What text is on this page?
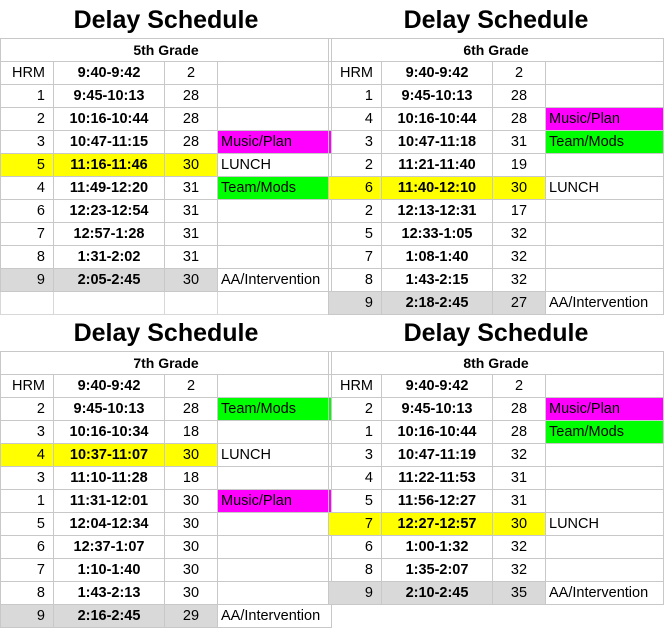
Delay Schedule
5th Grade			
HRM	9:40-9:42	2	
1	9:45-10:13	28	
2	10:16-10:44	28	
3	10:47-11:15	28	Music/Plan
5	11:16-11:46	30	LUNCH
4	11:49-12:20	31	Team/Mods
6	12:23-12:54	31	
7	12:57-1:28	31	
8	1:31-2:02	31	
9	2:05-2:45	30	AA/Intervention

Delay Schedule
6th Grade			
HRM	9:40-9:42	2	
1	9:45-10:13	28	
4	10:16-10:44	28	Music/Plan
3	10:47-11:18	31	Team/Mods
2	11:21-11:40	19	
6	11:40-12:10	30	LUNCH
2	12:13-12:31	17	
5	12:33-1:05	32	
7	1:08-1:40	32	
8	1:43-2:15	32	
9	2:18-2:45	27	AA/Intervention
Delay Schedule
7th Grade			
HRM	9:40-9:42	2	
2	9:45-10:13	28	Team/Mods
3	10:16-10:34	18	
4	10:37-11:07	30	LUNCH
3	11:10-11:28	18	
1	11:31-12:01	30	Music/Plan
5	12:04-12:34	30	
6	12:37-1:07	30	
7	1:10-1:40	30	
8	1:43-2:13	30	
9	2:16-2:45	29	AA/Intervention
Delay Schedule
8th Grade			
HRM	9:40-9:42	2	
2	9:45-10:13	28	Music/Plan
1	10:16-10:44	28	Team/Mods
3	10:47-11:19	32	
4	11:22-11:53	31	
5	11:56-12:27	31	
7	12:27-12:57	30	LUNCH
6	1:00-1:32	32	
8	1:35-2:07	32	
9	2:10-2:45	35	AA/Intervention
